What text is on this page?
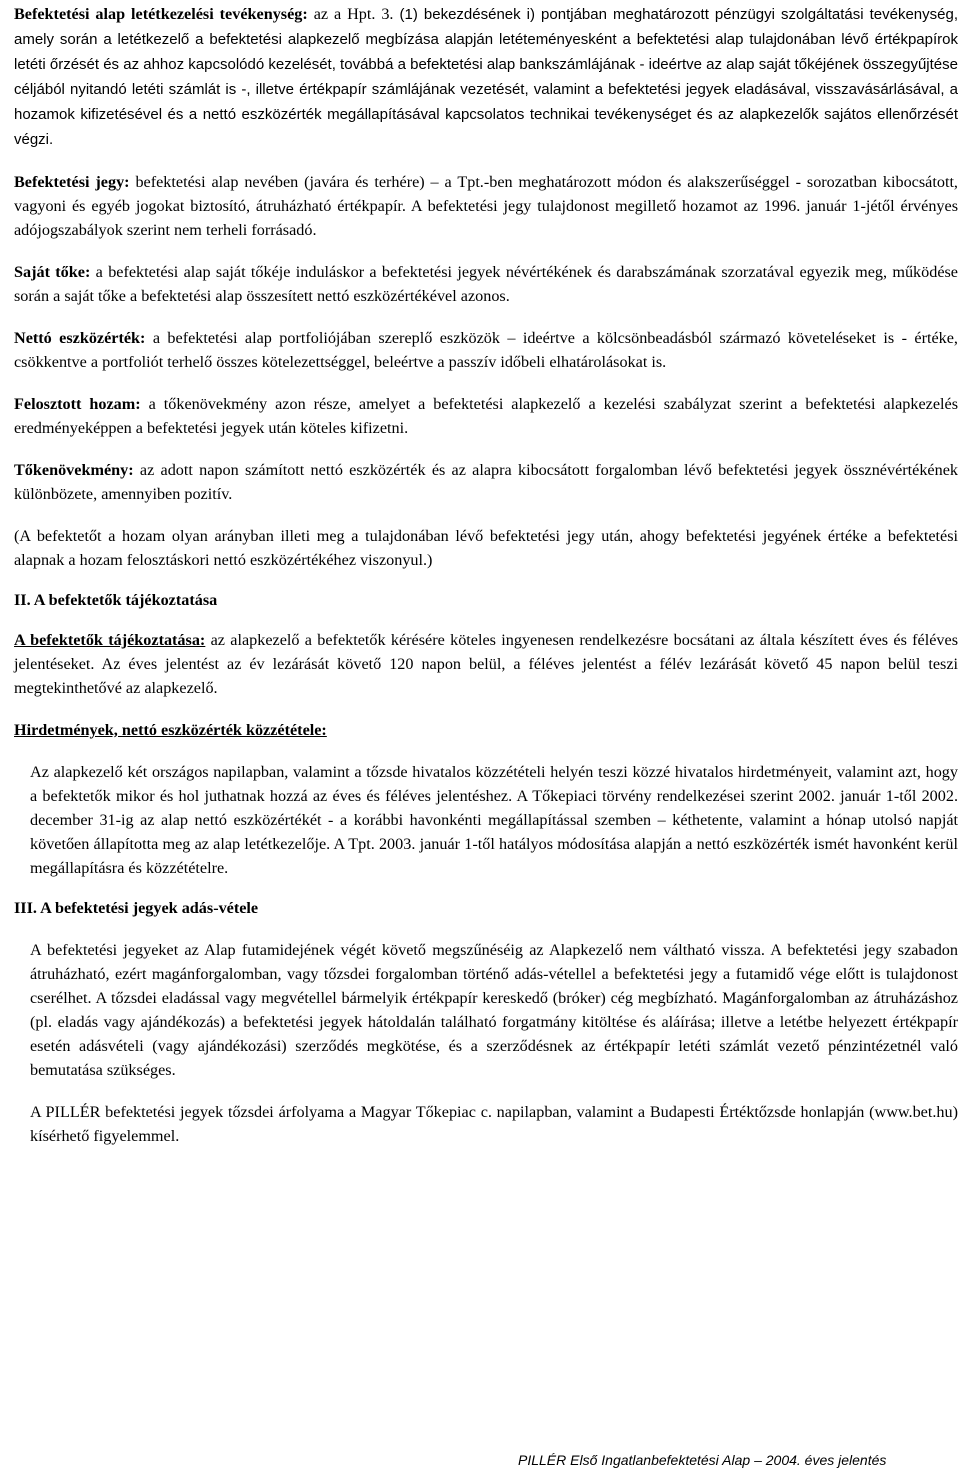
Befektetési alap letétkezelési tevékenység: az a Hpt. 3. (1) bekezdésének i) pontjában meghatározott pénzügyi szolgáltatási tevékenység, amely során a letétkezelő a befektetési alapkezelő megbízása alapján letéteményesként a befektetési alap tulajdonában lévő értékpapírok letéti őrzését és az ahhoz kapcsolódó kezelését, továbbá a befektetési alap bankszámlájának - ideértve az alap saját tőkéjének összegyűjtése céljából nyitandó letéti számlát is -, illetve értékpapír számlájának vezetését, valamint a befektetési jegyek eladásával, visszavásárlásával, a hozamok kifizetésével és a nettó eszközérték megállapításával kapcsolatos technikai tevékenységet és az alapkezelők sajátos ellenőrzését végzi.

Befektetési jegy: befektetési alap nevében (javára és terhére) – a Tpt.-ben meghatározott módon és alakszerűséggel - sorozatban kibocsátott, vagyoni és egyéb jogokat biztosító, átruházható értékpapír. A befektetési jegy tulajdonost megillető hozamot az 1996. január 1-jétől érvényes adójogszabályok szerint nem terheli forrásadó.

Saját tőke: a befektetési alap saját tőkéje induláskor a befektetési jegyek névértékének és darabszámának szorzatával egyezik meg, működése során a saját tőke a befektetési alap összesített nettó eszközértékével azonos.

Nettó eszközérték: a befektetési alap portfoliójában szereplő eszközök – ideértve a kölcsönbeadásból származó követeléseket is - értéke, csökkentve a portfoliót terhelő összes kötelezettséggel, beleértve a passzív időbeli elhatárolásokat is.

Felosztott hozam: a tőkenövekmény azon része, amelyet a befektetési alapkezelő a kezelési szabályzat szerint a befektetési alapkezelés eredményeképpen a befektetési jegyek után köteles kifizetni.

Tőkenövekmény: az adott napon számított nettó eszközérték és az alapra kibocsátott forgalomban lévő befektetési jegyek össznévértékének különbözete, amennyiben pozitív.

(A befektetőt a hozam olyan arányban illeti meg a tulajdonában lévő befektetési jegy után, ahogy befektetési jegyének értéke a befektetési alapnak a hozam felosztáskori nettó eszközértékéhez viszonyul.)

II. A befektetők tájékoztatása

A befektetők tájékoztatása: az alapkezelő a befektetők kérésére köteles ingyenesen rendelkezésre bocsátani az általa készített éves és féléves jelentéseket. Az éves jelentést az év lezárását követő 120 napon belül, a féléves jelentést a félév lezárását követő 45 napon belül teszi megtekinthetővé az alapkezelő.

Hirdetmények, nettó eszközérték közzététele:

Az alapkezelő két országos napilapban, valamint a tőzsde hivatalos közzétételi helyén teszi közzé hivatalos hirdetményeit, valamint azt, hogy a befektetők mikor és hol juthatnak hozzá az éves és féléves jelentéshez. A Tőkepiaci törvény rendelkezései szerint 2002. január 1-től 2002. december 31-ig az alap nettó eszközértékét - a korábbi havonkénti megállapítással szemben – kéthetente, valamint a hónap utolsó napját követően állapította meg az alap letétkezelője. A Tpt. 2003. január 1-től hatályos módosítása alapján a nettó eszközérték ismét havonként kerül megállapításra és közzétételre.

III. A befektetési jegyek adás-vétele

A befektetési jegyeket az Alap futamidejének végét követő megszűnéséig az Alapkezelő nem váltható vissza. A befektetési jegy szabadon átruházható, ezért magánforgalomban, vagy tőzsdei forgalomban történő adás-vétellel a befektetési jegy a futamidő vége előtt is tulajdonost cserélhet. A tőzsdei eladással vagy megvétellel bármelyik értékpapír kereskedő (bróker) cég megbízható. Magánforgalomban az átruházáshoz (pl. eladás vagy ajándékozás) a befektetési jegyek hátoldalán található forgatmány kitöltése és aláírása; illetve a letétbe helyezett értékpapír esetén adásvételi (vagy ajándékozási) szerződés megkötése, és a szerződésnek az értékpapír letéti számlát vezető pénzintézetnél való bemutatása szükséges.

A PILLÉR befektetési jegyek tőzsdei árfolyama a Magyar Tőkepiac c. napilapban, valamint a Budapesti Értéktőzsde honlapján (www.bet.hu) kísérhető figyelemmel.

PILLÉR Első Ingatlanbefektetési Alap – 2004. éves jelentés
